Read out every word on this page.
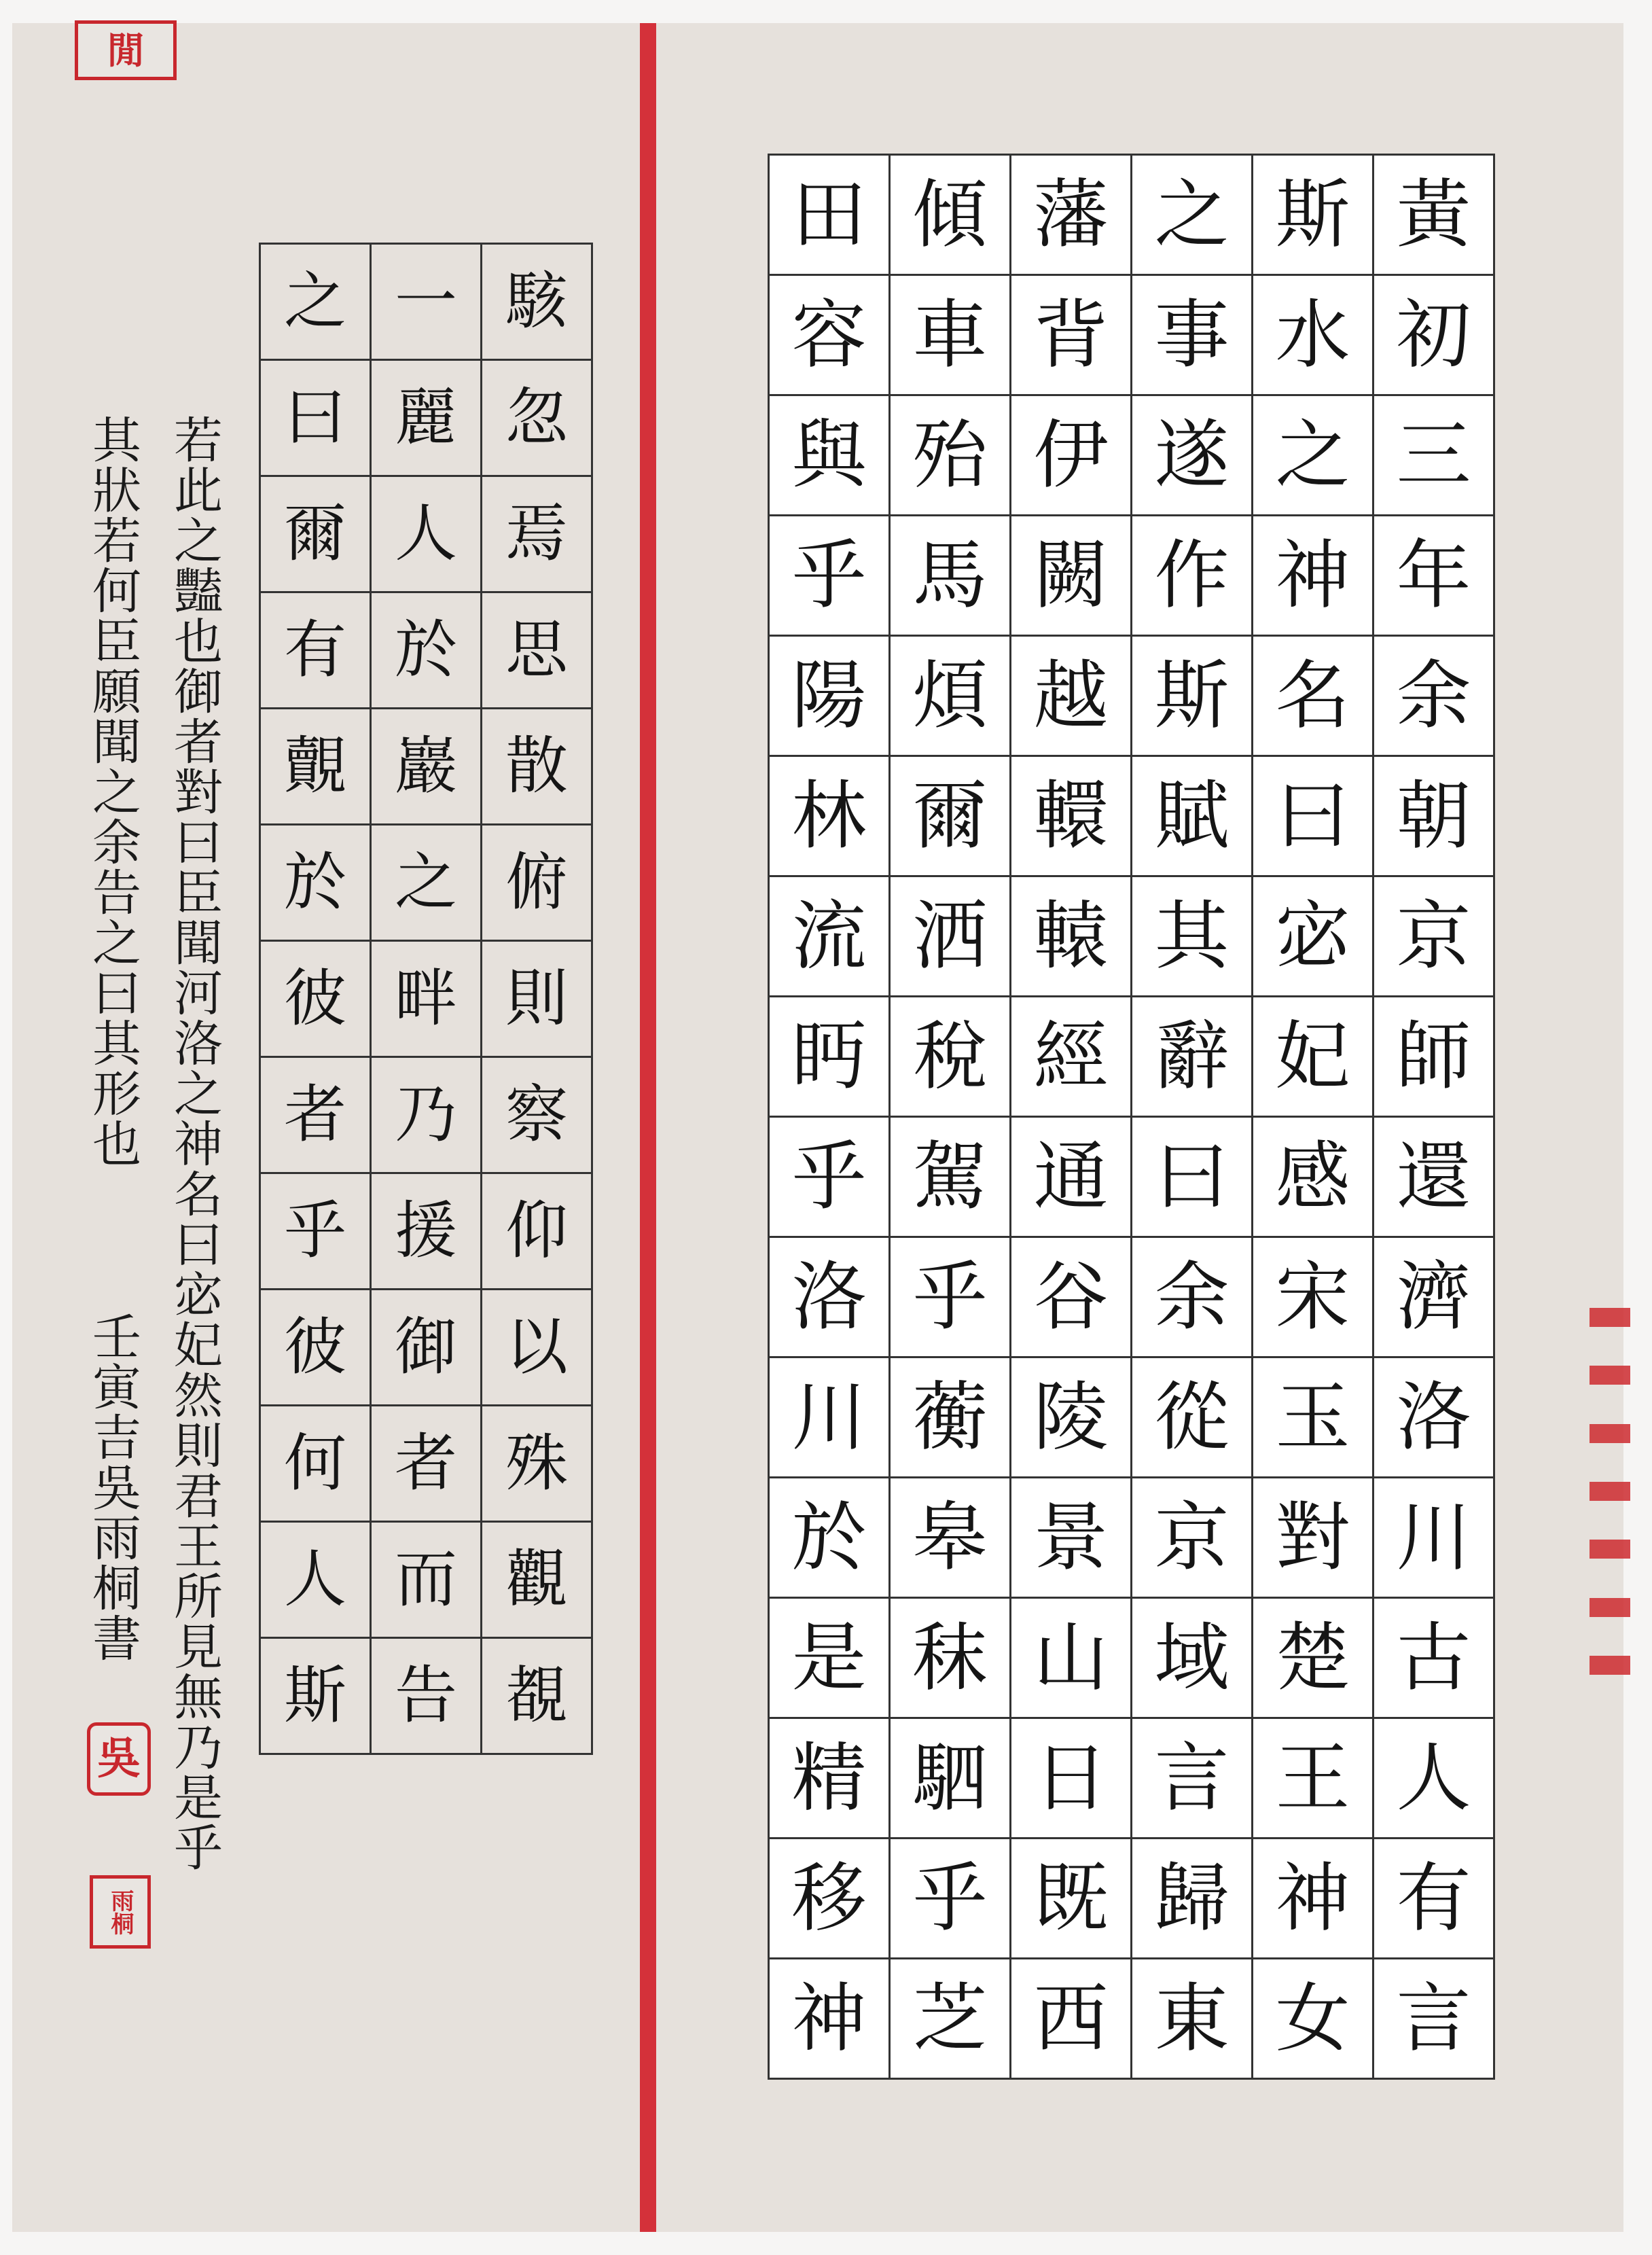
田	傾	藩	之	斯	黃
容	車	背	事	水	初
與	殆	伊	遂	之	三
乎	馬	闕	作	神	年
陽	煩	越	斯	名	余
林	爾	轘	賦	曰	朝
流	洒	轅	其	宓	京
眄	稅	經	辭	妃	師
乎	駕	通	曰	感	還
洛	乎	谷	余	宋	濟
川	蘅	陵	從	玉	洛
於	皋	景	京	對	川
是	秣	山	域	楚	古
精	駟	日	言	王	人
移	乎	既	歸	神	有
神	芝	西	東	女	言
之	一	駭
曰	麗	忽
爾	人	焉
有	於	思
覿	巖	散
於	之	俯
彼	畔	則
者	乃	察
乎	援	仰
彼	御	以
何	者	殊
人	而	觀
斯	告	覩
若此之豔也御者對曰臣聞河洛之神名曰宓妃然則君王所見無乃是乎
其狀若何臣願聞之余告之曰其形也
壬寅吉吳雨桐書
閒
吳
雨桐
